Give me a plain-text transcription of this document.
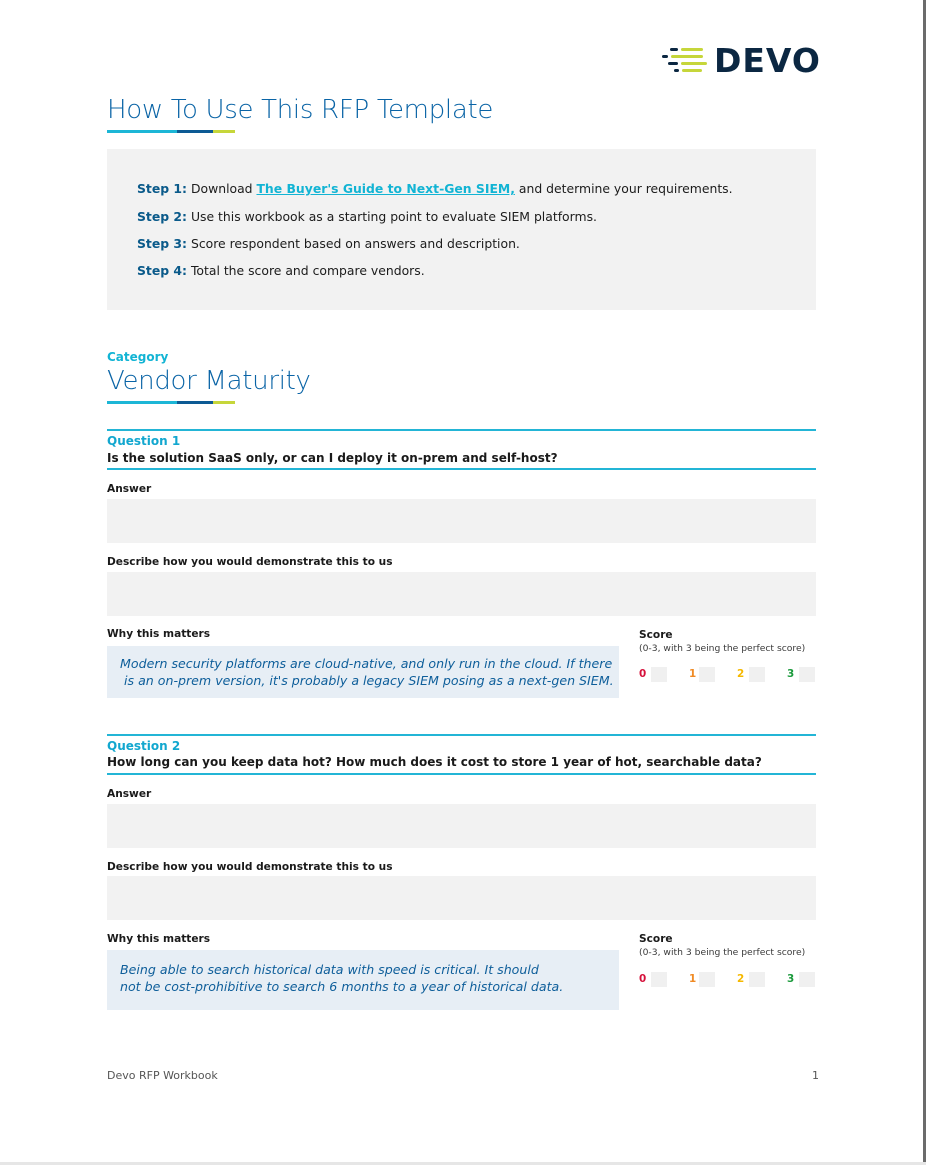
DEVO
How To Use This RFP Template
Step 1: Download The Buyer's Guide to Next-Gen SIEM, and determine your requirements.
Step 2: Use this workbook as a starting point to evaluate SIEM platforms.
Step 3: Score respondent based on answers and description.
Step 4: Total the score and compare vendors.
Category
Vendor Maturity
Question 1
Is the solution SaaS only, or can I deploy it on-prem and self-host?
Answer
Describe how you would demonstrate this to us
Why this matters
Modern security platforms are cloud-native, and only run in the cloud. If there
is an on-prem version, it's probably a legacy SIEM posing as a next-gen SIEM.
Score
(0-3, with 3 being the perfect score)
0	1	2	3
Question 2
How long can you keep data hot? How much does it cost to store 1 year of hot, searchable data?
Answer
Describe how you would demonstrate this to us
Why this matters
Being able to search historical data with speed is critical. It should
not be cost-prohibitive to search 6 months to a year of historical data.
Score
(0-3, with 3 being the perfect score)
0	1	2	3
Devo RFP Workbook	1
